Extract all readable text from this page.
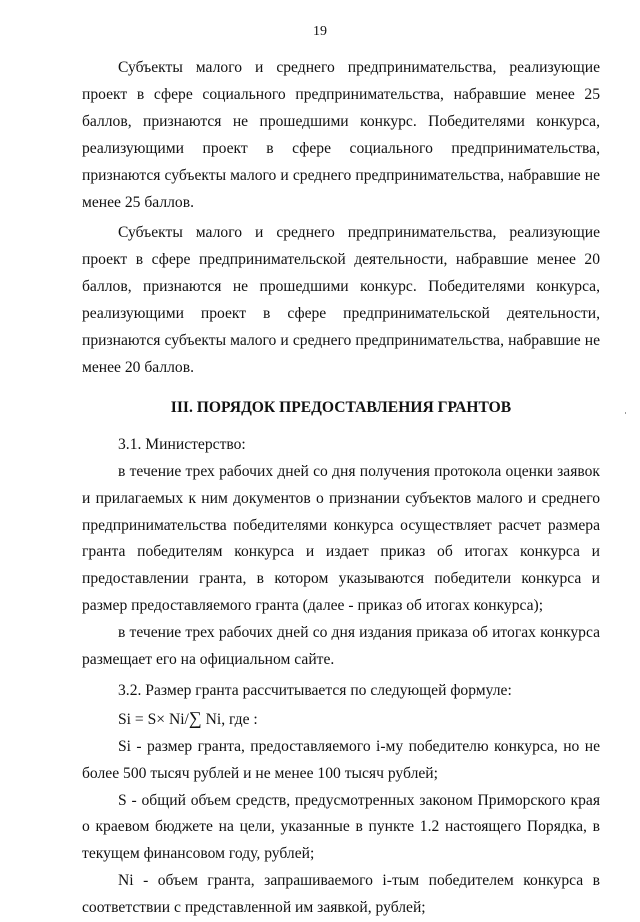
19

Субъекты малого и среднего предпринимательства, реализующие проект в сфере социального предпринимательства, набравшие менее 25 баллов, признаются не прошедшими конкурс. Победителями конкурса, реализующими проект в сфере социального предпринимательства, признаются субъекты малого и среднего предпринимательства, набравшие не менее 25 баллов.

Субъекты малого и среднего предпринимательства, реализующие проект в сфере предпринимательской деятельности, набравшие менее 20 баллов, признаются не прошедшими конкурс. Победителями конкурса, реализующими проект в сфере предпринимательской деятельности, признаются субъекты малого и среднего предпринимательства, набравшие не менее 20 баллов.

III. ПОРЯДОК ПРЕДОСТАВЛЕНИЯ ГРАНТОВ

3.1. Министерство:

в течение трех рабочих дней со дня получения протокола оценки заявок и прилагаемых к ним документов о признании субъектов малого и среднего предпринимательства победителями конкурса осуществляет расчет размера гранта победителям конкурса и издает приказ об итогах конкурса и предоставлении гранта, в котором указываются победители конкурса и размер предоставляемого гранта (далее - приказ об итогах конкурса);

в течение трех рабочих дней со дня издания приказа об итогах конкурса размещает его на официальном сайте.

3.2. Размер гранта рассчитывается по следующей формуле:

Si = S× Ni/∑ Ni, где :

Si - размер гранта, предоставляемого i-му победителю конкурса, но не более 500 тысяч рублей и не менее 100 тысяч рублей;

S - общий объем средств, предусмотренных законом Приморского края о краевом бюджете на цели, указанные в пункте 1.2 настоящего Порядка, в текущем финансовом году, рублей;

Ni - объем гранта, запрашиваемого i-тым победителем конкурса в соответствии с представленной им заявкой, рублей;
